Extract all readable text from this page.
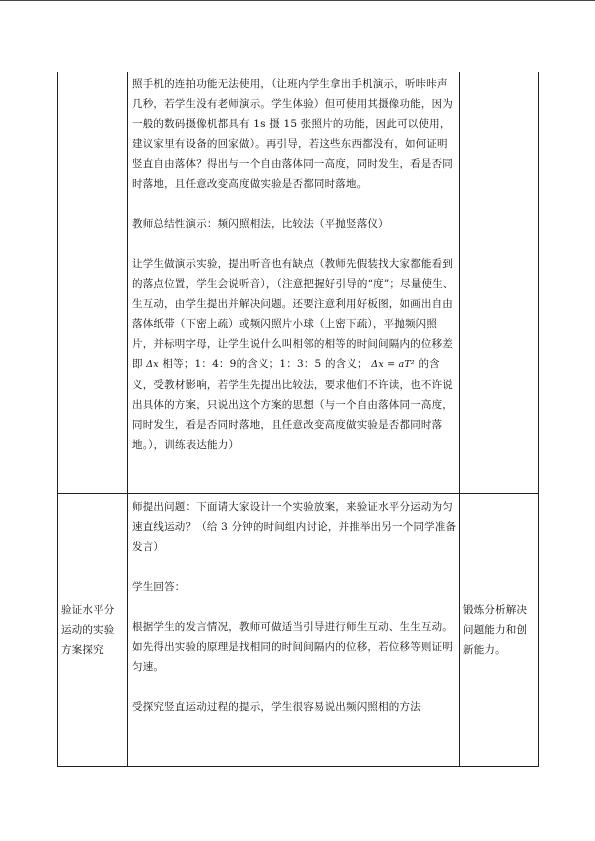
照手机的连拍功能无法使用，（让班内学生拿出手机演示，听咔咔声几秒，若学生没有老师演示。学生体验）但可使用其摄像功能，因为一般的数码摄像机都具有 1s 摄 15 张照片的功能，因此可以使用，建议家里有设备的回家做）。再引导，若这些东西都没有，如何证明竖直自由落体？得出与一个自由落体同一高度，同时发生，看是否同时落地，且任意改变高度做实验是否都同时落地。

教师总结性演示：频闪照相法，比较法（平抛竖落仪）

让学生做演示实验，提出听音也有缺点（教师先假装找大家都能看到的落点位置，学生会说听音），（注意把握好引导的“度”；尽量使生、生互动，由学生提出并解决问题。还要注意利用好板图，如画出自由落体纸带（下密上疏）或频闪照片小球（上密下疏），平抛频闪照片，并标明字母，让学生说什么叫相邻的相等的时间间隔内的位移差即 Δx 相等；1：4：9的含义；1：3：5 的含义； Δx = aT² 的含义，受教材影响，若学生先提出比较法，要求他们不许读，也不许说出具体的方案，只说出这个方案的思想（与一个自由落体同一高度，同时发生，看是否同时落地，且任意改变高度做实验是否都同时落地。），训练表达能力）

验证水平分运动的实验方案探究

师提出问题：下面请大家设计一个实验放案，来验证水平分运动为匀速直线运动？（给 3 分钟的时间组内讨论，并推举出另一个同学准备发言）

学生回答：

根据学生的发言情况，教师可做适当引导进行师生互动、生生互动。如先得出实验的原理是找相同的时间间隔内的位移，若位移等则证明匀速。

受探究竖直运动过程的提示，学生很容易说出频闪照相的方法

锻炼分析解决问题能力和创新能力。
